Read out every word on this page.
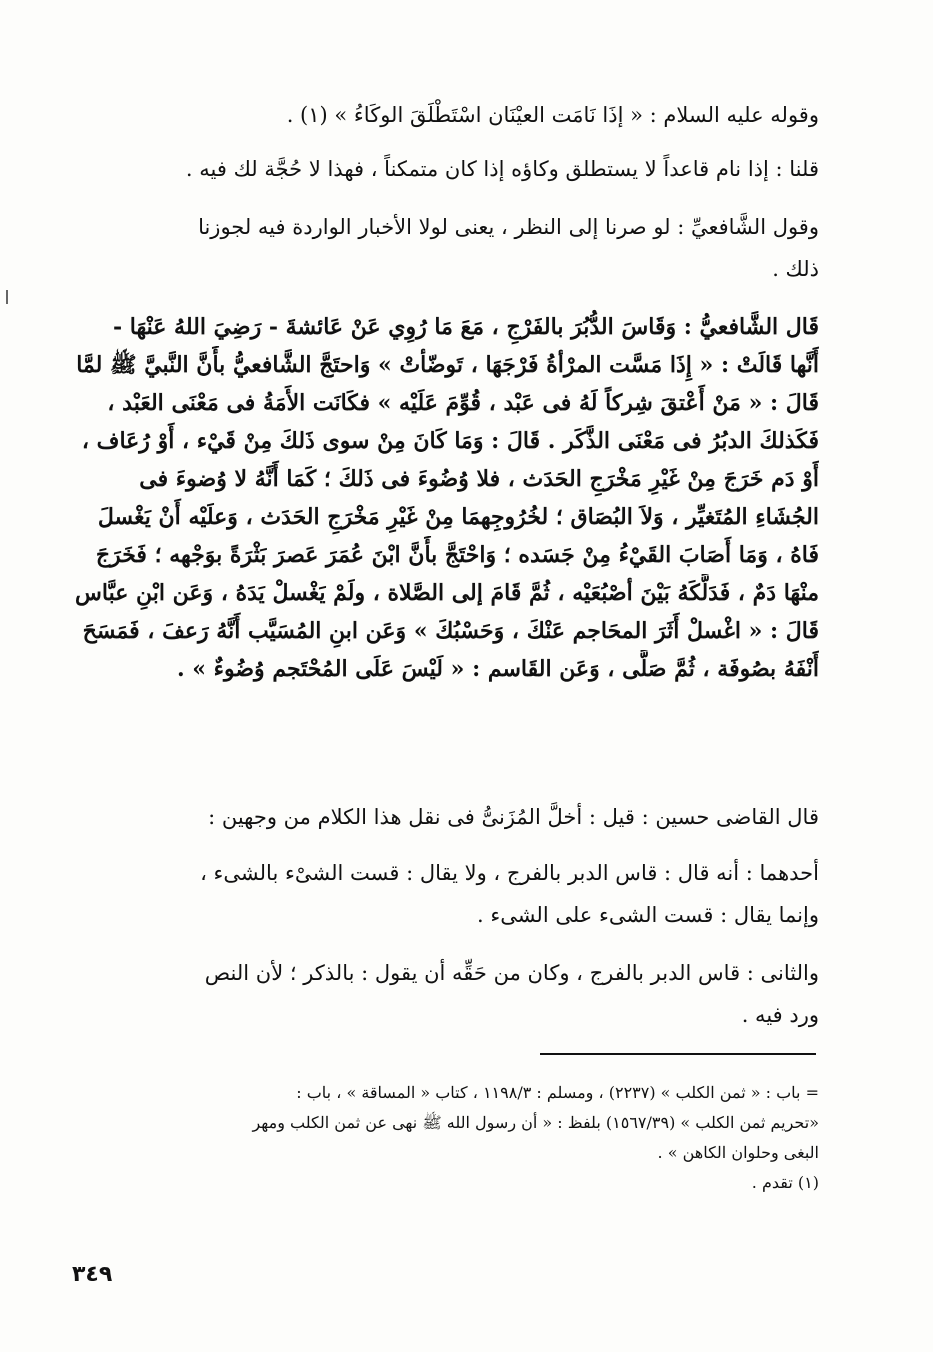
وقوله عليه السلام : « إذَا نَامَت العيْنَان اسْتَطْلَقَ الوكَاءُ » (١) .
قلنا : إذا نام قاعداً لا يستطلق وكاؤه إذا كان متمكناً ، فهذا لا حُجَّة لك فيه .
وقول الشَّافعيِّ : لو صرنا إلى النظر ، يعنى لولا الأخبار الواردة فيه لجوزنا
ذلك .
قَال الشَّافعيُّ : وَقَاسَ الدُّبُرَ بالفَرْجِ ، مَعَ مَا رُوِي عَنْ عَائشةَ - رَضِيَ اللهُ عَنْهَا -
أَنَّها قَالَتْ : « إِذَا مَسَّت المرْأةُ فَرْجَهَا ، تَوضّأتْ » وَاحتَجَّ الشَّافعيُّ بأَنَّ النَّبيَّ ﷺ لمَّا
قَالَ : « مَنْ أَعْتقَ شِركاً لَهُ فى عَبْد ، قُوِّمَ عَلَيْه » فكَانَت الأَمَةُ فى مَعْنَى العَبْد ،
فَكَذلكَ الدبُرُ فى مَعْنَى الذَّكَر . قَالَ : وَمَا كَانَ مِنْ سوى ذَلكَ مِنْ قَيْء ، أَوْ رُعَاف ،
أَوْ دَم خَرَجَ مِنْ غَيْرِ مَخْرَجِ الحَدَث ، فلا وُضُوءَ فى ذَلكَ ؛ كَمَا أَنَّهُ لا وُضوءَ فى
الجُشَاءِ المُتَغيِّر ، وَلاَ البُصَاق ؛ لخُرُوجِهمَا مِنْ غَيْرِ مَخْرَجِ الحَدَث ، وَعلَيْه أَنْ يَغْسلَ
فَاهُ ، وَمَا أَصَابَ القَيْءُ مِنْ جَسَده ؛ وَاحْتَجَّ بأَنَّ ابْنَ عُمَرَ عَصرَ بَثْرَةً بوَجْهه ؛ فَخَرَجَ
منْهَا دَمٌ ، فَدَلَّكَهُ بَيْنَ أصْبُعَيْه ، ثُمَّ قَامَ إلى الصَّلاة ، ولَمْ يَغْسلْ يَدَهُ ، وَعَن ابْنِ عبَّاس
قَالَ : « اغْسلْ أَثَرَ المحَاجم عَنْكَ ، وَحَسْبُكَ » وَعَن ابنِ المُسَيَّب أَنَّهُ رَعفَ ، فَمَسَحَ
أَنْفَهُ بصُوفَة ، ثُمَّ صَلَّى ، وَعَن القَاسم : « لَيْسَ عَلَى المُحْتَجم وُضُوءٌ » .
قال القاضى حسين : قيل : أخلَّ المُزَنىُّ فى نقل هذا الكلام من وجهين :
أحدهما : أنه قال : قاس الدبر بالفرج ، ولا يقال : قست الشىْء بالشىء ،
وإنما يقال : قست الشىء على الشىء .
والثانى : قاس الدبر بالفرج ، وكان من حَقِّه أن يقول : بالذكر ؛ لأن النص
ورد فيه .
= باب : « ثمن الكلب » (٢٢٣٧) ، ومسلم : ١١٩٨/٣ ، كتاب « المساقة » ، باب :
«تحريم ثمن الكلب » (١٥٦٧/٣٩) بلفظ : « أن رسول الله ﷺ نهى عن ثمن الكلب ومهر
البغى وحلوان الكاهن » .
(١) تقدم .
٣٤٩
